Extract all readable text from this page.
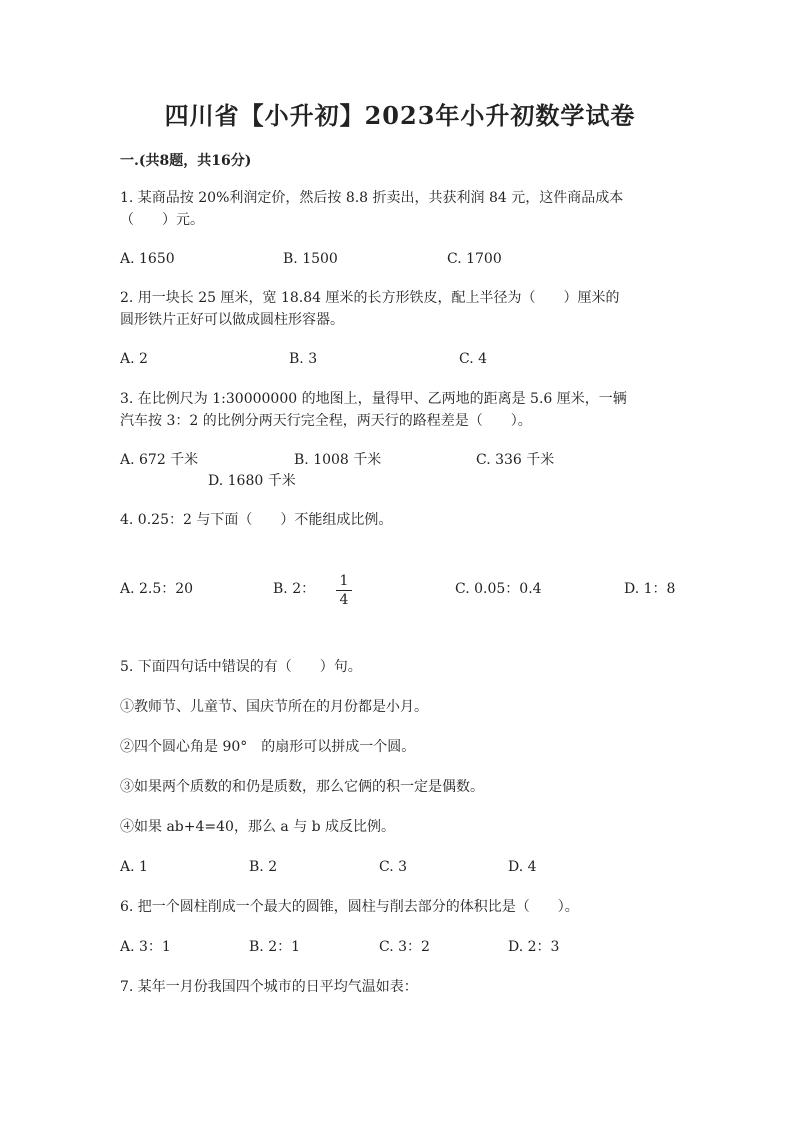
四川省【小升初】2023年小升初数学试卷
一.(共8题，共16分)
1. 某商品按 20%利润定价，然后按 8.8 折卖出，共获利润 84 元，这件商品成本
（　　）元。
A. 1650	B. 1500	C. 1700
2. 用一块长 25 厘米，宽 18.84 厘米的长方形铁皮，配上半径为（　　）厘米的
圆形铁片正好可以做成圆柱形容器。
A. 2	B. 3	C. 4
3. 在比例尺为 1:30000000 的地图上，量得甲、乙两地的距离是 5.6 厘米，一辆
汽车按 3：2 的比例分两天行完全程，两天行的路程差是（　　）。
A. 672 千米	B. 1008 千米	C. 336 千米
D. 1680 千米
4. 0.25：2 与下面（　　）不能组成比例。
A. 2.5：20	B. 2： 1
4
C. 0.05：0.4	D. 1：8
5. 下面四句话中错误的有（　　）句。
①教师节、儿童节、国庆节所在的月份都是小月。
②四个圆心角是 90°　的扇形可以拼成一个圆。
③如果两个质数的和仍是质数，那么它俩的积一定是偶数。
④如果 ab+4=40，那么 a 与 b 成反比例。
A. 1	B. 2	C. 3	D. 4
6. 把一个圆柱削成一个最大的圆锥，圆柱与削去部分的体积比是（　　）。
A. 3：1	B. 2：1	C. 3：2	D. 2：3
7. 某年一月份我国四个城市的日平均气温如表：
